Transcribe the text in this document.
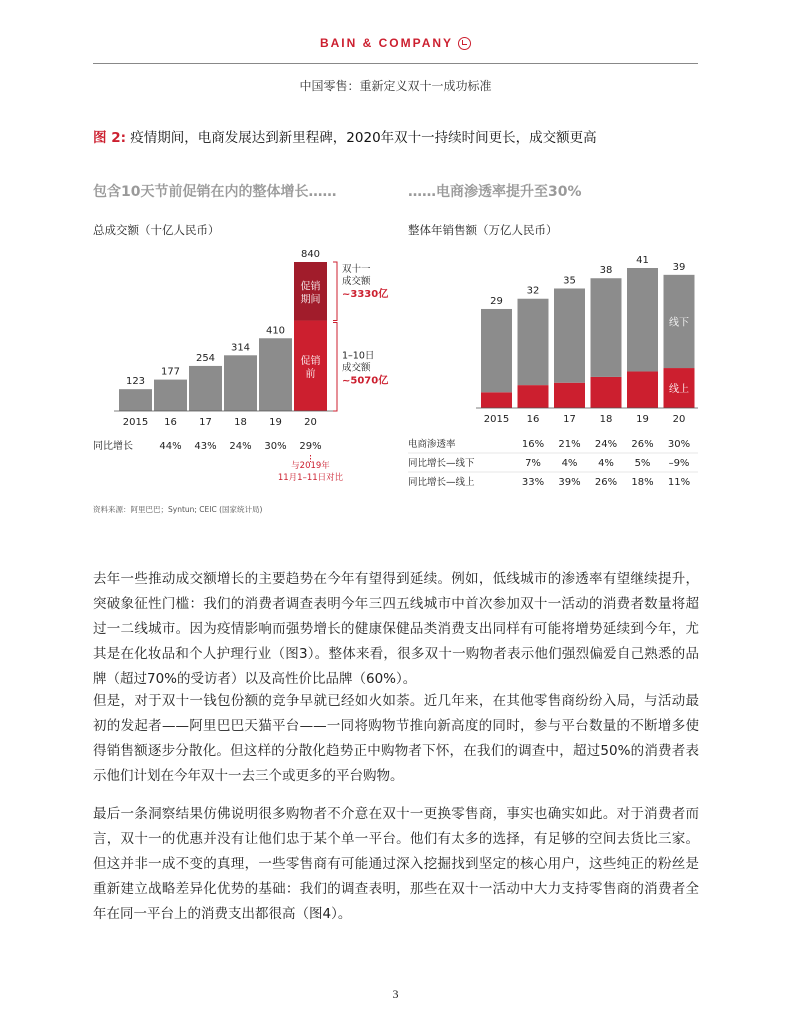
BAIN & COMPANY
中国零售：重新定义双十一成功标准
图 2: 疫情期间，电商发展达到新里程碑，2020年双十一持续时间更长，成交额更高
包含10天节前促销在内的整体增长……	……电商渗透率提升至30%
总成交额（十亿人民币）	整体年销售额（万亿人民币）
123
2015
177
16
44%
254
17
43%
314
18
24%
410
19
30%
促销
期间
促销
前
840
20
29%
同比增长
双十一
成交额
~3330亿
1–10日
成交额
~5070亿
与2019年
11月1–11日对比
29
2015
32
16
35
17
38
18
41
19
39
20
线下
线上
电商渗透率	16% 21% 24% 26% 30%
同比增长—线下	7% 4% 4% 5% –9%
同比增长—线上	33% 39% 26% 18% 11%
资料来源：阿里巴巴；Syntun; CEIC (国家统计局)

去年一些推动成交额增长的主要趋势在今年有望得到延续。例如，低线城市的渗透率有望继续提升，突破象征性门槛：我们的消费者调查表明今年三四五线城市中首次参加双十一活动的消费者数量将超过一二线城市。因为疫情影响而强势增长的健康保健品类消费支出同样有可能将增势延续到今年，尤其是在化妆品和个人护理行业（图3）。整体来看，很多双十一购物者表示他们强烈偏爱自己熟悉的品牌（超过70%的受访者）以及高性价比品牌（60%）。

但是，对于双十一钱包份额的竞争早就已经如火如荼。近几年来，在其他零售商纷纷入局，与活动最初的发起者——阿里巴巴天猫平台——一同将购物节推向新高度的同时，参与平台数量的不断增多使得销售额逐步分散化。但这样的分散化趋势正中购物者下怀，在我们的调查中，超过50%的消费者表示他们计划在今年双十一去三个或更多的平台购物。

最后一条洞察结果仿佛说明很多购物者不介意在双十一更换零售商，事实也确实如此。对于消费者而言，双十一的优惠并没有让他们忠于某个单一平台。他们有太多的选择，有足够的空间去货比三家。但这并非一成不变的真理，一些零售商有可能通过深入挖掘找到坚定的核心用户，这些纯正的粉丝是重新建立战略差异化优势的基础：我们的调查表明，那些在双十一活动中大力支持零售商的消费者全年在同一平台上的消费支出都很高（图4）。

3
